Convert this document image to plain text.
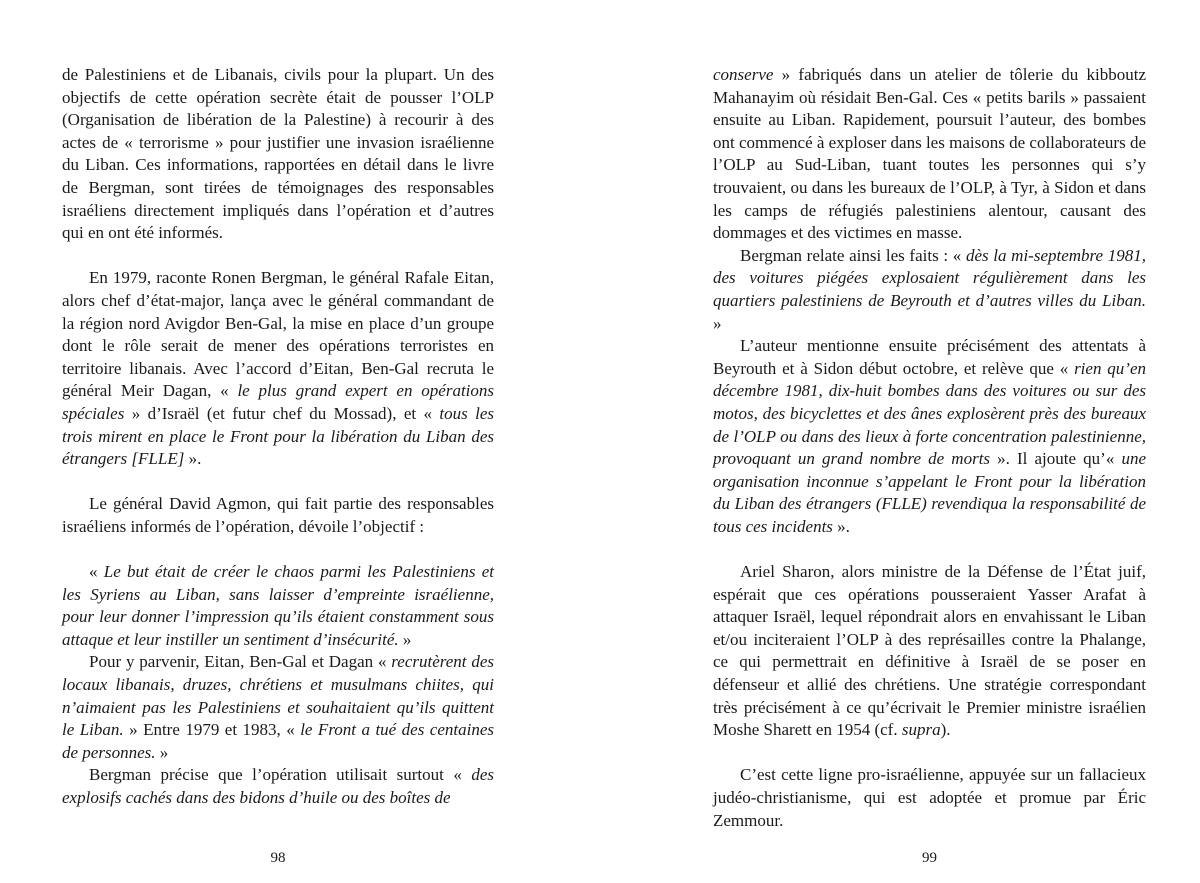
de Palestiniens et de Libanais, civils pour la plupart. Un des objectifs de cette opération secrète était de pousser l’OLP (Organisation de libération de la Palestine) à recourir à des actes de « terrorisme » pour justifier une invasion israélienne du Liban. Ces informations, rapportées en détail dans le livre de Bergman, sont tirées de témoignages des responsables israéliens directement impliqués dans l’opération et d’autres qui en ont été informés.

En 1979, raconte Ronen Bergman, le général Rafale Eitan, alors chef d’état-major, lança avec le général commandant de la région nord Avigdor Ben-Gal, la mise en place d’un groupe dont le rôle serait de mener des opérations terroristes en territoire libanais. Avec l’accord d’Eitan, Ben-Gal recruta le général Meir Dagan, « le plus grand expert en opérations spéciales » d’Israël (et futur chef du Mossad), et « tous les trois mirent en place le Front pour la libération du Liban des étrangers [FLLE] ».

Le général David Agmon, qui fait partie des responsables israéliens informés de l’opération, dévoile l’objectif :

« Le but était de créer le chaos parmi les Palestiniens et les Syriens au Liban, sans laisser d’empreinte israélienne, pour leur donner l’impression qu’ils étaient constamment sous attaque et leur instiller un sentiment d’insécurité. »

Pour y parvenir, Eitan, Ben-Gal et Dagan « recrutèrent des locaux libanais, druzes, chrétiens et musulmans chiites, qui n’aimaient pas les Palestiniens et souhaitaient qu’ils quittent le Liban. » Entre 1979 et 1983, « le Front a tué des centaines de personnes. »

Bergman précise que l’opération utilisait surtout « des explosifs cachés dans des bidons d’huile ou des boîtes de

98

conserve » fabriqués dans un atelier de tôlerie du kibboutz Mahanayim où résidait Ben-Gal. Ces « petits barils » passaient ensuite au Liban. Rapidement, poursuit l’auteur, des bombes ont commencé à exploser dans les maisons de collaborateurs de l’OLP au Sud-Liban, tuant toutes les personnes qui s’y trouvaient, ou dans les bureaux de l’OLP, à Tyr, à Sidon et dans les camps de réfugiés palestiniens alentour, causant des dommages et des victimes en masse.

Bergman relate ainsi les faits : « dès la mi-septembre 1981, des voitures piégées explosaient régulièrement dans les quartiers palestiniens de Beyrouth et d’autres villes du Liban. »

L’auteur mentionne ensuite précisément des attentats à Beyrouth et à Sidon début octobre, et relève que « rien qu’en décembre 1981, dix-huit bombes dans des voitures ou sur des motos, des bicyclettes et des ânes explosèrent près des bureaux de l’OLP ou dans des lieux à forte concentration palestinienne, provoquant un grand nombre de morts ». Il ajoute qu’« une organisation inconnue s’appelant le Front pour la libération du Liban des étrangers (FLLE) revendiqua la responsabilité de tous ces incidents ».

Ariel Sharon, alors ministre de la Défense de l’État juif, espérait que ces opérations pousseraient Yasser Arafat à attaquer Israël, lequel répondrait alors en envahissant le Liban et/ou inciteraient l’OLP à des représailles contre la Phalange, ce qui permettrait en définitive à Israël de se poser en défenseur et allié des chrétiens. Une stratégie correspondant très précisément à ce qu’écrivait le Premier ministre israélien Moshe Sharett en 1954 (cf. supra).

C’est cette ligne pro-israélienne, appuyée sur un fallacieux judéo-christianisme, qui est adoptée et promue par Éric Zemmour.

99
